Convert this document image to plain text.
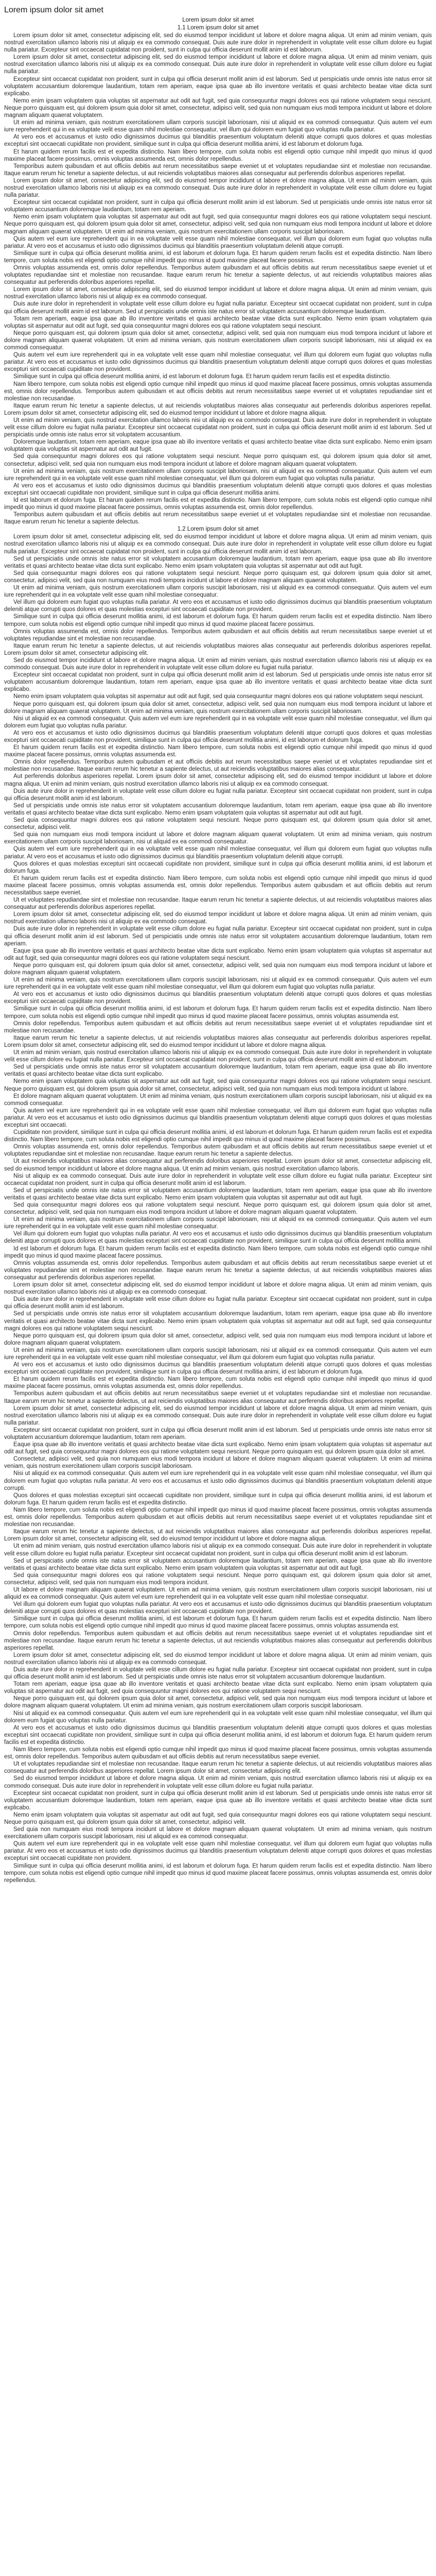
Lorem ipsum dolor sit amet

Lorem ipsum dolor sit amet

1.1 Lorem ipsum dolor sit amet

Lorem ipsum dolor sit amet, consectetur adipiscing elit, sed do eiusmod tempor incididunt ut labore et dolore magna aliqua. Ut enim ad minim veniam, quis nostrud exercitation ullamco laboris nisi ut aliquip ex ea commodo consequat. Duis aute irure dolor in reprehenderit in voluptate velit esse cillum dolore eu fugiat nulla pariatur. Excepteur sint occaecat cupidatat non proident, sunt in culpa qui officia deserunt mollit anim id est laborum.

Lorem ipsum dolor sit amet, consectetur adipiscing elit, sed do eiusmod tempor incididunt ut labore et dolore magna aliqua. Ut enim ad minim veniam, quis nostrud exercitation ullamco laboris nisi ut aliquip ex ea commodo consequat. Duis aute irure dolor in reprehenderit in voluptate velit esse cillum dolore eu fugiat nulla pariatur.

Excepteur sint occaecat cupidatat non proident, sunt in culpa qui officia deserunt mollit anim id est laborum. Sed ut perspiciatis unde omnis iste natus error sit voluptatem accusantium doloremque laudantium, totam rem aperiam, eaque ipsa quae ab illo inventore veritatis et quasi architecto beatae vitae dicta sunt explicabo.

Nemo enim ipsam voluptatem quia voluptas sit aspernatur aut odit aut fugit, sed quia consequuntur magni dolores eos qui ratione voluptatem sequi nesciunt. Neque porro quisquam est, qui dolorem ipsum quia dolor sit amet, consectetur, adipisci velit, sed quia non numquam eius modi tempora incidunt ut labore et dolore magnam aliquam quaerat voluptatem.

Ut enim ad minima veniam, quis nostrum exercitationem ullam corporis suscipit laboriosam, nisi ut aliquid ex ea commodi consequatur. Quis autem vel eum iure reprehenderit qui in ea voluptate velit esse quam nihil molestiae consequatur, vel illum qui dolorem eum fugiat quo voluptas nulla pariatur.

At vero eos et accusamus et iusto odio dignissimos ducimus qui blanditiis praesentium voluptatum deleniti atque corrupti quos dolores et quas molestias excepturi sint occaecati cupiditate non provident, similique sunt in culpa qui officia deserunt mollitia animi, id est laborum et dolorum fuga.

Et harum quidem rerum facilis est et expedita distinctio. Nam libero tempore, cum soluta nobis est eligendi optio cumque nihil impedit quo minus id quod maxime placeat facere possimus, omnis voluptas assumenda est, omnis dolor repellendus.

Temporibus autem quibusdam et aut officiis debitis aut rerum necessitatibus saepe eveniet ut et voluptates repudiandae sint et molestiae non recusandae. Itaque earum rerum hic tenetur a sapiente delectus, ut aut reiciendis voluptatibus maiores alias consequatur aut perferendis doloribus asperiores repellat.

Lorem ipsum dolor sit amet, consectetur adipiscing elit, sed do eiusmod tempor incididunt ut labore et dolore magna aliqua. Ut enim ad minim veniam, quis nostrud exercitation ullamco laboris nisi ut aliquip ex ea commodo consequat. Duis aute irure dolor in reprehenderit in voluptate velit esse cillum dolore eu fugiat nulla pariatur.

Excepteur sint occaecat cupidatat non proident, sunt in culpa qui officia deserunt mollit anim id est laborum. Sed ut perspiciatis unde omnis iste natus error sit voluptatem accusantium doloremque laudantium, totam rem aperiam.

Nemo enim ipsam voluptatem quia voluptas sit aspernatur aut odit aut fugit, sed quia consequuntur magni dolores eos qui ratione voluptatem sequi nesciunt. Neque porro quisquam est, qui dolorem ipsum quia dolor sit amet, consectetur, adipisci velit, sed quia non numquam eius modi tempora incidunt ut labore et dolore magnam aliquam quaerat voluptatem. Ut enim ad minima veniam, quis nostrum exercitationem ullam corporis suscipit laboriosam.

Quis autem vel eum iure reprehenderit qui in ea voluptate velit esse quam nihil molestiae consequatur, vel illum qui dolorem eum fugiat quo voluptas nulla pariatur. At vero eos et accusamus et iusto odio dignissimos ducimus qui blanditiis praesentium voluptatum deleniti atque corrupti.

Similique sunt in culpa qui officia deserunt mollitia animi, id est laborum et dolorum fuga. Et harum quidem rerum facilis est et expedita distinctio. Nam libero tempore, cum soluta nobis est eligendi optio cumque nihil impedit quo minus id quod maxime placeat facere possimus.

Omnis voluptas assumenda est, omnis dolor repellendus. Temporibus autem quibusdam et aut officiis debitis aut rerum necessitatibus saepe eveniet ut et voluptates repudiandae sint et molestiae non recusandae. Itaque earum rerum hic tenetur a sapiente delectus, ut aut reiciendis voluptatibus maiores alias consequatur aut perferendis doloribus asperiores repellat.

Lorem ipsum dolor sit amet, consectetur adipiscing elit, sed do eiusmod tempor incididunt ut labore et dolore magna aliqua. Ut enim ad minim veniam, quis nostrud exercitation ullamco laboris nisi ut aliquip ex ea commodo consequat.

Duis aute irure dolor in reprehenderit in voluptate velit esse cillum dolore eu fugiat nulla pariatur. Excepteur sint occaecat cupidatat non proident, sunt in culpa qui officia deserunt mollit anim id est laborum. Sed ut perspiciatis unde omnis iste natus error sit voluptatem accusantium doloremque laudantium.

Totam rem aperiam, eaque ipsa quae ab illo inventore veritatis et quasi architecto beatae vitae dicta sunt explicabo. Nemo enim ipsam voluptatem quia voluptas sit aspernatur aut odit aut fugit, sed quia consequuntur magni dolores eos qui ratione voluptatem sequi nesciunt.

Neque porro quisquam est, qui dolorem ipsum quia dolor sit amet, consectetur, adipisci velit, sed quia non numquam eius modi tempora incidunt ut labore et dolore magnam aliquam quaerat voluptatem. Ut enim ad minima veniam, quis nostrum exercitationem ullam corporis suscipit laboriosam, nisi ut aliquid ex ea commodi consequatur.

Quis autem vel eum iure reprehenderit qui in ea voluptate velit esse quam nihil molestiae consequatur, vel illum qui dolorem eum fugiat quo voluptas nulla pariatur. At vero eos et accusamus et iusto odio dignissimos ducimus qui blanditiis praesentium voluptatum deleniti atque corrupti quos dolores et quas molestias excepturi sint occaecati cupiditate non provident.

Similique sunt in culpa qui officia deserunt mollitia animi, id est laborum et dolorum fuga. Et harum quidem rerum facilis est et expedita distinctio.

Nam libero tempore, cum soluta nobis est eligendi optio cumque nihil impedit quo minus id quod maxime placeat facere possimus, omnis voluptas assumenda est, omnis dolor repellendus. Temporibus autem quibusdam et aut officiis debitis aut rerum necessitatibus saepe eveniet ut et voluptates repudiandae sint et molestiae non recusandae.

Itaque earum rerum hic tenetur a sapiente delectus, ut aut reiciendis voluptatibus maiores alias consequatur aut perferendis doloribus asperiores repellat. Lorem ipsum dolor sit amet, consectetur adipiscing elit, sed do eiusmod tempor incididunt ut labore et dolore magna aliqua.

Ut enim ad minim veniam, quis nostrud exercitation ullamco laboris nisi ut aliquip ex ea commodo consequat. Duis aute irure dolor in reprehenderit in voluptate velit esse cillum dolore eu fugiat nulla pariatur. Excepteur sint occaecat cupidatat non proident, sunt in culpa qui officia deserunt mollit anim id est laborum. Sed ut perspiciatis unde omnis iste natus error sit voluptatem accusantium.

Doloremque laudantium, totam rem aperiam, eaque ipsa quae ab illo inventore veritatis et quasi architecto beatae vitae dicta sunt explicabo. Nemo enim ipsam voluptatem quia voluptas sit aspernatur aut odit aut fugit.

Sed quia consequuntur magni dolores eos qui ratione voluptatem sequi nesciunt. Neque porro quisquam est, qui dolorem ipsum quia dolor sit amet, consectetur, adipisci velit, sed quia non numquam eius modi tempora incidunt ut labore et dolore magnam aliquam quaerat voluptatem.

Ut enim ad minima veniam, quis nostrum exercitationem ullam corporis suscipit laboriosam, nisi ut aliquid ex ea commodi consequatur. Quis autem vel eum iure reprehenderit qui in ea voluptate velit esse quam nihil molestiae consequatur, vel illum qui dolorem eum fugiat quo voluptas nulla pariatur.

At vero eos et accusamus et iusto odio dignissimos ducimus qui blanditiis praesentium voluptatum deleniti atque corrupti quos dolores et quas molestias excepturi sint occaecati cupiditate non provident, similique sunt in culpa qui officia deserunt mollitia animi.

Id est laborum et dolorum fuga. Et harum quidem rerum facilis est et expedita distinctio. Nam libero tempore, cum soluta nobis est eligendi optio cumque nihil impedit quo minus id quod maxime placeat facere possimus, omnis voluptas assumenda est, omnis dolor repellendus.

Temporibus autem quibusdam et aut officiis debitis aut rerum necessitatibus saepe eveniet ut et voluptates repudiandae sint et molestiae non recusandae. Itaque earum rerum hic tenetur a sapiente delectus.

1.2 Lorem ipsum dolor sit amet

Lorem ipsum dolor sit amet, consectetur adipiscing elit, sed do eiusmod tempor incididunt ut labore et dolore magna aliqua. Ut enim ad minim veniam, quis nostrud exercitation ullamco laboris nisi ut aliquip ex ea commodo consequat. Duis aute irure dolor in reprehenderit in voluptate velit esse cillum dolore eu fugiat nulla pariatur. Excepteur sint occaecat cupidatat non proident, sunt in culpa qui officia deserunt mollit anim id est laborum.

Sed ut perspiciatis unde omnis iste natus error sit voluptatem accusantium doloremque laudantium, totam rem aperiam, eaque ipsa quae ab illo inventore veritatis et quasi architecto beatae vitae dicta sunt explicabo. Nemo enim ipsam voluptatem quia voluptas sit aspernatur aut odit aut fugit.

Sed quia consequuntur magni dolores eos qui ratione voluptatem sequi nesciunt. Neque porro quisquam est, qui dolorem ipsum quia dolor sit amet, consectetur, adipisci velit, sed quia non numquam eius modi tempora incidunt ut labore et dolore magnam aliquam quaerat voluptatem.

Ut enim ad minima veniam, quis nostrum exercitationem ullam corporis suscipit laboriosam, nisi ut aliquid ex ea commodi consequatur. Quis autem vel eum iure reprehenderit qui in ea voluptate velit esse quam nihil molestiae consequatur.

Vel illum qui dolorem eum fugiat quo voluptas nulla pariatur. At vero eos et accusamus et iusto odio dignissimos ducimus qui blanditiis praesentium voluptatum deleniti atque corrupti quos dolores et quas molestias excepturi sint occaecati cupiditate non provident.

Similique sunt in culpa qui officia deserunt mollitia animi, id est laborum et dolorum fuga. Et harum quidem rerum facilis est et expedita distinctio. Nam libero tempore, cum soluta nobis est eligendi optio cumque nihil impedit quo minus id quod maxime placeat facere possimus.

Omnis voluptas assumenda est, omnis dolor repellendus. Temporibus autem quibusdam et aut officiis debitis aut rerum necessitatibus saepe eveniet ut et voluptates repudiandae sint et molestiae non recusandae.

Itaque earum rerum hic tenetur a sapiente delectus, ut aut reiciendis voluptatibus maiores alias consequatur aut perferendis doloribus asperiores repellat. Lorem ipsum dolor sit amet, consectetur adipiscing elit.

Sed do eiusmod tempor incididunt ut labore et dolore magna aliqua. Ut enim ad minim veniam, quis nostrud exercitation ullamco laboris nisi ut aliquip ex ea commodo consequat. Duis aute irure dolor in reprehenderit in voluptate velit esse cillum dolore eu fugiat nulla pariatur.

Excepteur sint occaecat cupidatat non proident, sunt in culpa qui officia deserunt mollit anim id est laborum. Sed ut perspiciatis unde omnis iste natus error sit voluptatem accusantium doloremque laudantium, totam rem aperiam, eaque ipsa quae ab illo inventore veritatis et quasi architecto beatae vitae dicta sunt explicabo.

Nemo enim ipsam voluptatem quia voluptas sit aspernatur aut odit aut fugit, sed quia consequuntur magni dolores eos qui ratione voluptatem sequi nesciunt.

Neque porro quisquam est, qui dolorem ipsum quia dolor sit amet, consectetur, adipisci velit, sed quia non numquam eius modi tempora incidunt ut labore et dolore magnam aliquam quaerat voluptatem. Ut enim ad minima veniam, quis nostrum exercitationem ullam corporis suscipit laboriosam.

Nisi ut aliquid ex ea commodi consequatur. Quis autem vel eum iure reprehenderit qui in ea voluptate velit esse quam nihil molestiae consequatur, vel illum qui dolorem eum fugiat quo voluptas nulla pariatur.

At vero eos et accusamus et iusto odio dignissimos ducimus qui blanditiis praesentium voluptatum deleniti atque corrupti quos dolores et quas molestias excepturi sint occaecati cupiditate non provident, similique sunt in culpa qui officia deserunt mollitia animi, id est laborum et dolorum fuga.

Et harum quidem rerum facilis est et expedita distinctio. Nam libero tempore, cum soluta nobis est eligendi optio cumque nihil impedit quo minus id quod maxime placeat facere possimus, omnis voluptas assumenda est.

Omnis dolor repellendus. Temporibus autem quibusdam et aut officiis debitis aut rerum necessitatibus saepe eveniet ut et voluptates repudiandae sint et molestiae non recusandae. Itaque earum rerum hic tenetur a sapiente delectus, ut aut reiciendis voluptatibus maiores alias consequatur.

Aut perferendis doloribus asperiores repellat. Lorem ipsum dolor sit amet, consectetur adipiscing elit, sed do eiusmod tempor incididunt ut labore et dolore magna aliqua. Ut enim ad minim veniam, quis nostrud exercitation ullamco laboris nisi ut aliquip ex ea commodo consequat.

Duis aute irure dolor in reprehenderit in voluptate velit esse cillum dolore eu fugiat nulla pariatur. Excepteur sint occaecat cupidatat non proident, sunt in culpa qui officia deserunt mollit anim id est laborum.

Sed ut perspiciatis unde omnis iste natus error sit voluptatem accusantium doloremque laudantium, totam rem aperiam, eaque ipsa quae ab illo inventore veritatis et quasi architecto beatae vitae dicta sunt explicabo. Nemo enim ipsam voluptatem quia voluptas sit aspernatur aut odit aut fugit.

Sed quia consequuntur magni dolores eos qui ratione voluptatem sequi nesciunt. Neque porro quisquam est, qui dolorem ipsum quia dolor sit amet, consectetur, adipisci velit.

Sed quia non numquam eius modi tempora incidunt ut labore et dolore magnam aliquam quaerat voluptatem. Ut enim ad minima veniam, quis nostrum exercitationem ullam corporis suscipit laboriosam, nisi ut aliquid ex ea commodi consequatur.

Quis autem vel eum iure reprehenderit qui in ea voluptate velit esse quam nihil molestiae consequatur, vel illum qui dolorem eum fugiat quo voluptas nulla pariatur. At vero eos et accusamus et iusto odio dignissimos ducimus qui blanditiis praesentium voluptatum deleniti atque corrupti.

Quos dolores et quas molestias excepturi sint occaecati cupiditate non provident, similique sunt in culpa qui officia deserunt mollitia animi, id est laborum et dolorum fuga.

Et harum quidem rerum facilis est et expedita distinctio. Nam libero tempore, cum soluta nobis est eligendi optio cumque nihil impedit quo minus id quod maxime placeat facere possimus, omnis voluptas assumenda est, omnis dolor repellendus. Temporibus autem quibusdam et aut officiis debitis aut rerum necessitatibus saepe eveniet.

Ut et voluptates repudiandae sint et molestiae non recusandae. Itaque earum rerum hic tenetur a sapiente delectus, ut aut reiciendis voluptatibus maiores alias consequatur aut perferendis doloribus asperiores repellat.

Lorem ipsum dolor sit amet, consectetur adipiscing elit, sed do eiusmod tempor incididunt ut labore et dolore magna aliqua. Ut enim ad minim veniam, quis nostrud exercitation ullamco laboris nisi ut aliquip ex ea commodo consequat.

Duis aute irure dolor in reprehenderit in voluptate velit esse cillum dolore eu fugiat nulla pariatur. Excepteur sint occaecat cupidatat non proident, sunt in culpa qui officia deserunt mollit anim id est laborum. Sed ut perspiciatis unde omnis iste natus error sit voluptatem accusantium doloremque laudantium, totam rem aperiam.

Eaque ipsa quae ab illo inventore veritatis et quasi architecto beatae vitae dicta sunt explicabo. Nemo enim ipsam voluptatem quia voluptas sit aspernatur aut odit aut fugit, sed quia consequuntur magni dolores eos qui ratione voluptatem sequi nesciunt.

Neque porro quisquam est, qui dolorem ipsum quia dolor sit amet, consectetur, adipisci velit, sed quia non numquam eius modi tempora incidunt ut labore et dolore magnam aliquam quaerat voluptatem.

Ut enim ad minima veniam, quis nostrum exercitationem ullam corporis suscipit laboriosam, nisi ut aliquid ex ea commodi consequatur. Quis autem vel eum iure reprehenderit qui in ea voluptate velit esse quam nihil molestiae consequatur, vel illum qui dolorem eum fugiat quo voluptas nulla pariatur.

At vero eos et accusamus et iusto odio dignissimos ducimus qui blanditiis praesentium voluptatum deleniti atque corrupti quos dolores et quas molestias excepturi sint occaecati cupiditate non provident.

Similique sunt in culpa qui officia deserunt mollitia animi, id est laborum et dolorum fuga. Et harum quidem rerum facilis est et expedita distinctio. Nam libero tempore, cum soluta nobis est eligendi optio cumque nihil impedit quo minus id quod maxime placeat facere possimus, omnis voluptas assumenda est.

Omnis dolor repellendus. Temporibus autem quibusdam et aut officiis debitis aut rerum necessitatibus saepe eveniet ut et voluptates repudiandae sint et molestiae non recusandae.

Itaque earum rerum hic tenetur a sapiente delectus, ut aut reiciendis voluptatibus maiores alias consequatur aut perferendis doloribus asperiores repellat. Lorem ipsum dolor sit amet, consectetur adipiscing elit, sed do eiusmod tempor incididunt ut labore et dolore magna aliqua.

Ut enim ad minim veniam, quis nostrud exercitation ullamco laboris nisi ut aliquip ex ea commodo consequat. Duis aute irure dolor in reprehenderit in voluptate velit esse cillum dolore eu fugiat nulla pariatur. Excepteur sint occaecat cupidatat non proident, sunt in culpa qui officia deserunt mollit anim id est laborum.

Sed ut perspiciatis unde omnis iste natus error sit voluptatem accusantium doloremque laudantium, totam rem aperiam, eaque ipsa quae ab illo inventore veritatis et quasi architecto beatae vitae dicta sunt explicabo.

Nemo enim ipsam voluptatem quia voluptas sit aspernatur aut odit aut fugit, sed quia consequuntur magni dolores eos qui ratione voluptatem sequi nesciunt. Neque porro quisquam est, qui dolorem ipsum quia dolor sit amet, consectetur, adipisci velit, sed quia non numquam eius modi tempora incidunt ut labore.

Et dolore magnam aliquam quaerat voluptatem. Ut enim ad minima veniam, quis nostrum exercitationem ullam corporis suscipit laboriosam, nisi ut aliquid ex ea commodi consequatur.

Quis autem vel eum iure reprehenderit qui in ea voluptate velit esse quam nihil molestiae consequatur, vel illum qui dolorem eum fugiat quo voluptas nulla pariatur. At vero eos et accusamus et iusto odio dignissimos ducimus qui blanditiis praesentium voluptatum deleniti atque corrupti quos dolores et quas molestias excepturi sint occaecati.

Cupiditate non provident, similique sunt in culpa qui officia deserunt mollitia animi, id est laborum et dolorum fuga. Et harum quidem rerum facilis est et expedita distinctio. Nam libero tempore, cum soluta nobis est eligendi optio cumque nihil impedit quo minus id quod maxime placeat facere possimus.

Omnis voluptas assumenda est, omnis dolor repellendus. Temporibus autem quibusdam et aut officiis debitis aut rerum necessitatibus saepe eveniet ut et voluptates repudiandae sint et molestiae non recusandae. Itaque earum rerum hic tenetur a sapiente delectus.

Ut aut reiciendis voluptatibus maiores alias consequatur aut perferendis doloribus asperiores repellat. Lorem ipsum dolor sit amet, consectetur adipiscing elit, sed do eiusmod tempor incididunt ut labore et dolore magna aliqua. Ut enim ad minim veniam, quis nostrud exercitation ullamco laboris.

Nisi ut aliquip ex ea commodo consequat. Duis aute irure dolor in reprehenderit in voluptate velit esse cillum dolore eu fugiat nulla pariatur. Excepteur sint occaecat cupidatat non proident, sunt in culpa qui officia deserunt mollit anim id est laborum.

Sed ut perspiciatis unde omnis iste natus error sit voluptatem accusantium doloremque laudantium, totam rem aperiam, eaque ipsa quae ab illo inventore veritatis et quasi architecto beatae vitae dicta sunt explicabo. Nemo enim ipsam voluptatem quia voluptas sit aspernatur aut odit aut fugit.

Sed quia consequuntur magni dolores eos qui ratione voluptatem sequi nesciunt. Neque porro quisquam est, qui dolorem ipsum quia dolor sit amet, consectetur, adipisci velit, sed quia non numquam eius modi tempora incidunt ut labore et dolore magnam aliquam quaerat voluptatem.

Ut enim ad minima veniam, quis nostrum exercitationem ullam corporis suscipit laboriosam, nisi ut aliquid ex ea commodi consequatur. Quis autem vel eum iure reprehenderit qui in ea voluptate velit esse quam nihil molestiae consequatur.

Vel illum qui dolorem eum fugiat quo voluptas nulla pariatur. At vero eos et accusamus et iusto odio dignissimos ducimus qui blanditiis praesentium voluptatum deleniti atque corrupti quos dolores et quas molestias excepturi sint occaecati cupiditate non provident, similique sunt in culpa qui officia deserunt mollitia animi.

Id est laborum et dolorum fuga. Et harum quidem rerum facilis est et expedita distinctio. Nam libero tempore, cum soluta nobis est eligendi optio cumque nihil impedit quo minus id quod maxime placeat facere possimus.

Omnis voluptas assumenda est, omnis dolor repellendus. Temporibus autem quibusdam et aut officiis debitis aut rerum necessitatibus saepe eveniet ut et voluptates repudiandae sint et molestiae non recusandae. Itaque earum rerum hic tenetur a sapiente delectus, ut aut reiciendis voluptatibus maiores alias consequatur aut perferendis doloribus asperiores repellat.

Lorem ipsum dolor sit amet, consectetur adipiscing elit, sed do eiusmod tempor incididunt ut labore et dolore magna aliqua. Ut enim ad minim veniam, quis nostrud exercitation ullamco laboris nisi ut aliquip ex ea commodo consequat.

Duis aute irure dolor in reprehenderit in voluptate velit esse cillum dolore eu fugiat nulla pariatur. Excepteur sint occaecat cupidatat non proident, sunt in culpa qui officia deserunt mollit anim id est laborum.

Sed ut perspiciatis unde omnis iste natus error sit voluptatem accusantium doloremque laudantium, totam rem aperiam, eaque ipsa quae ab illo inventore veritatis et quasi architecto beatae vitae dicta sunt explicabo. Nemo enim ipsam voluptatem quia voluptas sit aspernatur aut odit aut fugit, sed quia consequuntur magni dolores eos qui ratione voluptatem sequi nesciunt.

Neque porro quisquam est, qui dolorem ipsum quia dolor sit amet, consectetur, adipisci velit, sed quia non numquam eius modi tempora incidunt ut labore et dolore magnam aliquam quaerat voluptatem.

Ut enim ad minima veniam, quis nostrum exercitationem ullam corporis suscipit laboriosam, nisi ut aliquid ex ea commodi consequatur. Quis autem vel eum iure reprehenderit qui in ea voluptate velit esse quam nihil molestiae consequatur, vel illum qui dolorem eum fugiat quo voluptas nulla pariatur.

At vero eos et accusamus et iusto odio dignissimos ducimus qui blanditiis praesentium voluptatum deleniti atque corrupti quos dolores et quas molestias excepturi sint occaecati cupiditate non provident, similique sunt in culpa qui officia deserunt mollitia animi, id est laborum et dolorum fuga.

Et harum quidem rerum facilis est et expedita distinctio. Nam libero tempore, cum soluta nobis est eligendi optio cumque nihil impedit quo minus id quod maxime placeat facere possimus, omnis voluptas assumenda est, omnis dolor repellendus.

Temporibus autem quibusdam et aut officiis debitis aut rerum necessitatibus saepe eveniet ut et voluptates repudiandae sint et molestiae non recusandae. Itaque earum rerum hic tenetur a sapiente delectus, ut aut reiciendis voluptatibus maiores alias consequatur aut perferendis doloribus asperiores repellat.

Lorem ipsum dolor sit amet, consectetur adipiscing elit, sed do eiusmod tempor incididunt ut labore et dolore magna aliqua. Ut enim ad minim veniam, quis nostrud exercitation ullamco laboris nisi ut aliquip ex ea commodo consequat. Duis aute irure dolor in reprehenderit in voluptate velit esse cillum dolore eu fugiat nulla pariatur.

Excepteur sint occaecat cupidatat non proident, sunt in culpa qui officia deserunt mollit anim id est laborum. Sed ut perspiciatis unde omnis iste natus error sit voluptatem accusantium doloremque laudantium, totam rem aperiam.

Eaque ipsa quae ab illo inventore veritatis et quasi architecto beatae vitae dicta sunt explicabo. Nemo enim ipsam voluptatem quia voluptas sit aspernatur aut odit aut fugit, sed quia consequuntur magni dolores eos qui ratione voluptatem sequi nesciunt. Neque porro quisquam est, qui dolorem ipsum quia dolor sit amet.

Consectetur, adipisci velit, sed quia non numquam eius modi tempora incidunt ut labore et dolore magnam aliquam quaerat voluptatem. Ut enim ad minima veniam, quis nostrum exercitationem ullam corporis suscipit laboriosam.

Nisi ut aliquid ex ea commodi consequatur. Quis autem vel eum iure reprehenderit qui in ea voluptate velit esse quam nihil molestiae consequatur, vel illum qui dolorem eum fugiat quo voluptas nulla pariatur. At vero eos et accusamus et iusto odio dignissimos ducimus qui blanditiis praesentium voluptatum deleniti atque corrupti.

Quos dolores et quas molestias excepturi sint occaecati cupiditate non provident, similique sunt in culpa qui officia deserunt mollitia animi, id est laborum et dolorum fuga. Et harum quidem rerum facilis est et expedita distinctio.

Nam libero tempore, cum soluta nobis est eligendi optio cumque nihil impedit quo minus id quod maxime placeat facere possimus, omnis voluptas assumenda est, omnis dolor repellendus. Temporibus autem quibusdam et aut officiis debitis aut rerum necessitatibus saepe eveniet ut et voluptates repudiandae sint et molestiae non recusandae.

Itaque earum rerum hic tenetur a sapiente delectus, ut aut reiciendis voluptatibus maiores alias consequatur aut perferendis doloribus asperiores repellat. Lorem ipsum dolor sit amet, consectetur adipiscing elit, sed do eiusmod tempor incididunt ut labore et dolore magna aliqua.

Ut enim ad minim veniam, quis nostrud exercitation ullamco laboris nisi ut aliquip ex ea commodo consequat. Duis aute irure dolor in reprehenderit in voluptate velit esse cillum dolore eu fugiat nulla pariatur. Excepteur sint occaecat cupidatat non proident, sunt in culpa qui officia deserunt mollit anim id est laborum.

Sed ut perspiciatis unde omnis iste natus error sit voluptatem accusantium doloremque laudantium, totam rem aperiam, eaque ipsa quae ab illo inventore veritatis et quasi architecto beatae vitae dicta sunt explicabo. Nemo enim ipsam voluptatem quia voluptas sit aspernatur aut odit aut fugit.

Sed quia consequuntur magni dolores eos qui ratione voluptatem sequi nesciunt. Neque porro quisquam est, qui dolorem ipsum quia dolor sit amet, consectetur, adipisci velit, sed quia non numquam eius modi tempora incidunt.

Ut labore et dolore magnam aliquam quaerat voluptatem. Ut enim ad minima veniam, quis nostrum exercitationem ullam corporis suscipit laboriosam, nisi ut aliquid ex ea commodi consequatur. Quis autem vel eum iure reprehenderit qui in ea voluptate velit esse quam nihil molestiae consequatur.

Vel illum qui dolorem eum fugiat quo voluptas nulla pariatur. At vero eos et accusamus et iusto odio dignissimos ducimus qui blanditiis praesentium voluptatum deleniti atque corrupti quos dolores et quas molestias excepturi sint occaecati cupiditate non provident.

Similique sunt in culpa qui officia deserunt mollitia animi, id est laborum et dolorum fuga. Et harum quidem rerum facilis est et expedita distinctio. Nam libero tempore, cum soluta nobis est eligendi optio cumque nihil impedit quo minus id quod maxime placeat facere possimus, omnis voluptas assumenda est.

Omnis dolor repellendus. Temporibus autem quibusdam et aut officiis debitis aut rerum necessitatibus saepe eveniet ut et voluptates repudiandae sint et molestiae non recusandae. Itaque earum rerum hic tenetur a sapiente delectus, ut aut reiciendis voluptatibus maiores alias consequatur aut perferendis doloribus asperiores repellat.

Lorem ipsum dolor sit amet, consectetur adipiscing elit, sed do eiusmod tempor incididunt ut labore et dolore magna aliqua. Ut enim ad minim veniam, quis nostrud exercitation ullamco laboris nisi ut aliquip ex ea commodo consequat.

Duis aute irure dolor in reprehenderit in voluptate velit esse cillum dolore eu fugiat nulla pariatur. Excepteur sint occaecat cupidatat non proident, sunt in culpa qui officia deserunt mollit anim id est laborum. Sed ut perspiciatis unde omnis iste natus error sit voluptatem accusantium doloremque laudantium.

Totam rem aperiam, eaque ipsa quae ab illo inventore veritatis et quasi architecto beatae vitae dicta sunt explicabo. Nemo enim ipsam voluptatem quia voluptas sit aspernatur aut odit aut fugit, sed quia consequuntur magni dolores eos qui ratione voluptatem sequi nesciunt.

Neque porro quisquam est, qui dolorem ipsum quia dolor sit amet, consectetur, adipisci velit, sed quia non numquam eius modi tempora incidunt ut labore et dolore magnam aliquam quaerat voluptatem. Ut enim ad minima veniam, quis nostrum exercitationem ullam corporis suscipit laboriosam.

Nisi ut aliquid ex ea commodi consequatur. Quis autem vel eum iure reprehenderit qui in ea voluptate velit esse quam nihil molestiae consequatur, vel illum qui dolorem eum fugiat quo voluptas nulla pariatur.

At vero eos et accusamus et iusto odio dignissimos ducimus qui blanditiis praesentium voluptatum deleniti atque corrupti quos dolores et quas molestias excepturi sint occaecati cupiditate non provident, similique sunt in culpa qui officia deserunt mollitia animi, id est laborum et dolorum fuga. Et harum quidem rerum facilis est et expedita distinctio.

Nam libero tempore, cum soluta nobis est eligendi optio cumque nihil impedit quo minus id quod maxime placeat facere possimus, omnis voluptas assumenda est, omnis dolor repellendus. Temporibus autem quibusdam et aut officiis debitis aut rerum necessitatibus saepe eveniet.

Ut et voluptates repudiandae sint et molestiae non recusandae. Itaque earum rerum hic tenetur a sapiente delectus, ut aut reiciendis voluptatibus maiores alias consequatur aut perferendis doloribus asperiores repellat. Lorem ipsum dolor sit amet, consectetur adipiscing elit.

Sed do eiusmod tempor incididunt ut labore et dolore magna aliqua. Ut enim ad minim veniam, quis nostrud exercitation ullamco laboris nisi ut aliquip ex ea commodo consequat. Duis aute irure dolor in reprehenderit in voluptate velit esse cillum dolore eu fugiat nulla pariatur.

Excepteur sint occaecat cupidatat non proident, sunt in culpa qui officia deserunt mollit anim id est laborum. Sed ut perspiciatis unde omnis iste natus error sit voluptatem accusantium doloremque laudantium, totam rem aperiam, eaque ipsa quae ab illo inventore veritatis et quasi architecto beatae vitae dicta sunt explicabo.

Nemo enim ipsam voluptatem quia voluptas sit aspernatur aut odit aut fugit, sed quia consequuntur magni dolores eos qui ratione voluptatem sequi nesciunt. Neque porro quisquam est, qui dolorem ipsum quia dolor sit amet, consectetur, adipisci velit.

Sed quia non numquam eius modi tempora incidunt ut labore et dolore magnam aliquam quaerat voluptatem. Ut enim ad minima veniam, quis nostrum exercitationem ullam corporis suscipit laboriosam, nisi ut aliquid ex ea commodi consequatur.

Quis autem vel eum iure reprehenderit qui in ea voluptate velit esse quam nihil molestiae consequatur, vel illum qui dolorem eum fugiat quo voluptas nulla pariatur. At vero eos et accusamus et iusto odio dignissimos ducimus qui blanditiis praesentium voluptatum deleniti atque corrupti quos dolores et quas molestias excepturi sint occaecati cupiditate non provident.

Similique sunt in culpa qui officia deserunt mollitia animi, id est laborum et dolorum fuga. Et harum quidem rerum facilis est et expedita distinctio. Nam libero tempore, cum soluta nobis est eligendi optio cumque nihil impedit quo minus id quod maxime placeat facere possimus, omnis voluptas assumenda est, omnis dolor repellendus.
